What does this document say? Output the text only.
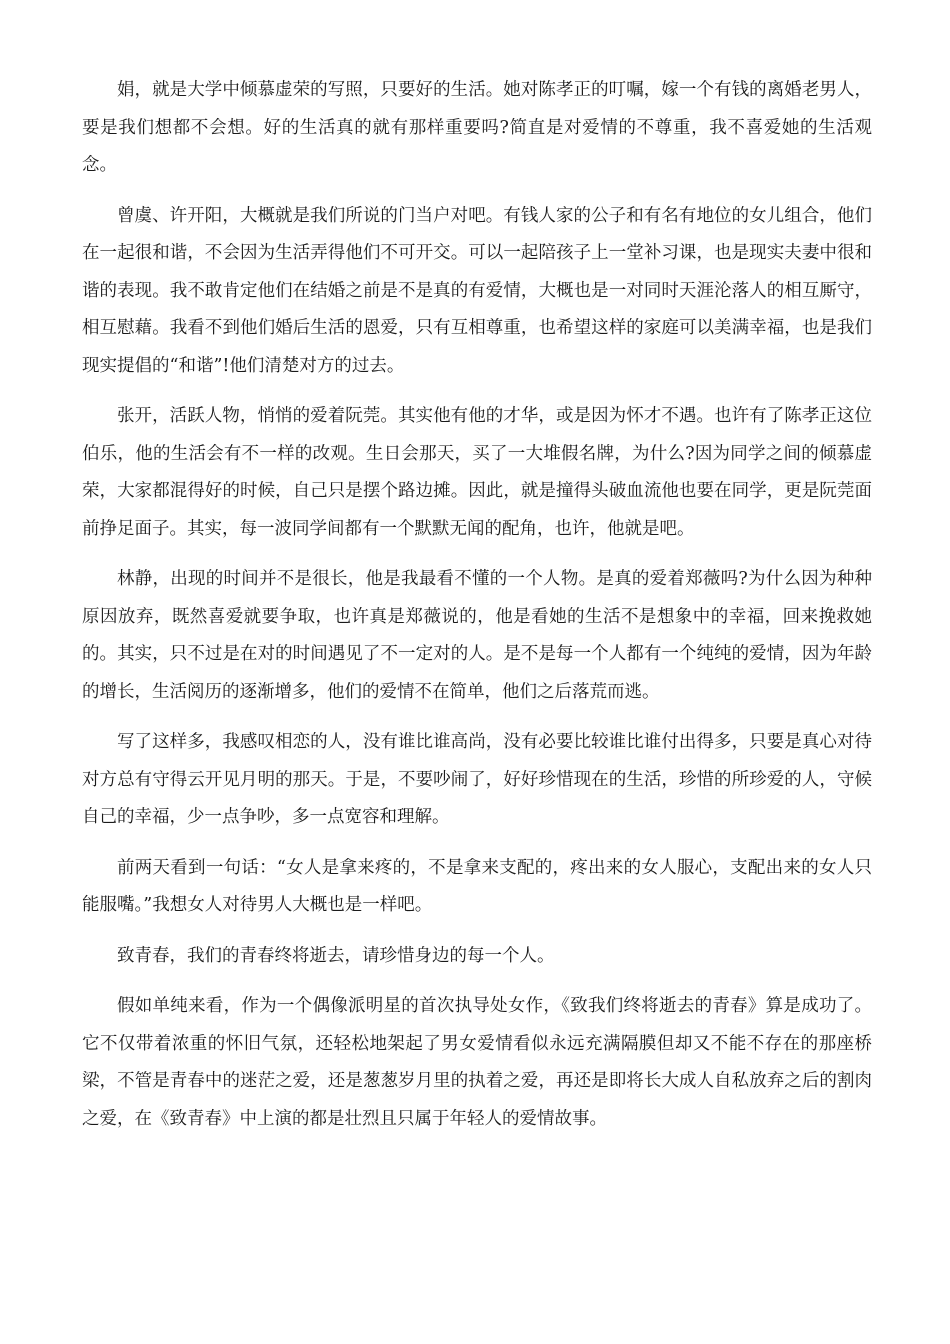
娟，就是大学中倾慕虚荣的写照，只要好的生活。她对陈孝正的叮嘱，嫁一个有钱的离婚老男人，要是我们想都不会想。好的生活真的就有那样重要吗?简直是对爱情的不尊重，我不喜爱她的生活观念。

曾虞、许开阳，大概就是我们所说的门当户对吧。有钱人家的公子和有名有地位的女儿组合，他们在一起很和谐，不会因为生活弄得他们不可开交。可以一起陪孩子上一堂补习课，也是现实夫妻中很和谐的表现。我不敢肯定他们在结婚之前是不是真的有爱情，大概也是一对同时天涯沦落人的相互厮守，相互慰藉。我看不到他们婚后生活的恩爱，只有互相尊重，也希望这样的家庭可以美满幸福，也是我们现实提倡的“和谐”!他们清楚对方的过去。

张开，活跃人物，悄悄的爱着阮莞。其实他有他的才华，或是因为怀才不遇。也许有了陈孝正这位伯乐，他的生活会有不一样的改观。生日会那天，买了一大堆假名牌，为什么?因为同学之间的倾慕虚荣，大家都混得好的时候，自己只是摆个路边摊。因此，就是撞得头破血流他也要在同学，更是阮莞面前挣足面子。其实，每一波同学间都有一个默默无闻的配角，也许，他就是吧。

林静，出现的时间并不是很长，他是我最看不懂的一个人物。是真的爱着郑薇吗?为什么因为种种原因放弃，既然喜爱就要争取，也许真是郑薇说的，他是看她的生活不是想象中的幸福，回来挽救她的。其实，只不过是在对的时间遇见了不一定对的人。是不是每一个人都有一个纯纯的爱情，因为年龄的增长，生活阅历的逐渐增多，他们的爱情不在简单，他们之后落荒而逃。

写了这样多，我感叹相恋的人，没有谁比谁高尚，没有必要比较谁比谁付出得多，只要是真心对待对方总有守得云开见月明的那天。于是，不要吵闹了，好好珍惜现在的生活，珍惜的所珍爱的人，守候自己的幸福，少一点争吵，多一点宽容和理解。

前两天看到一句话：“女人是拿来疼的，不是拿来支配的，疼出来的女人服心，支配出来的女人只能服嘴。”我想女人对待男人大概也是一样吧。

致青春，我们的青春终将逝去，请珍惜身边的每一个人。

假如单纯来看，作为一个偶像派明星的首次执导处女作，《致我们终将逝去的青春》算是成功了。它不仅带着浓重的怀旧气氛，还轻松地架起了男女爱情看似永远充满隔膜但却又不能不存在的那座桥梁，不管是青春中的迷茫之爱，还是葱葱岁月里的执着之爱，再还是即将长大成人自私放弃之后的割肉之爱，在《致青春》中上演的都是壮烈且只属于年轻人的爱情故事。
